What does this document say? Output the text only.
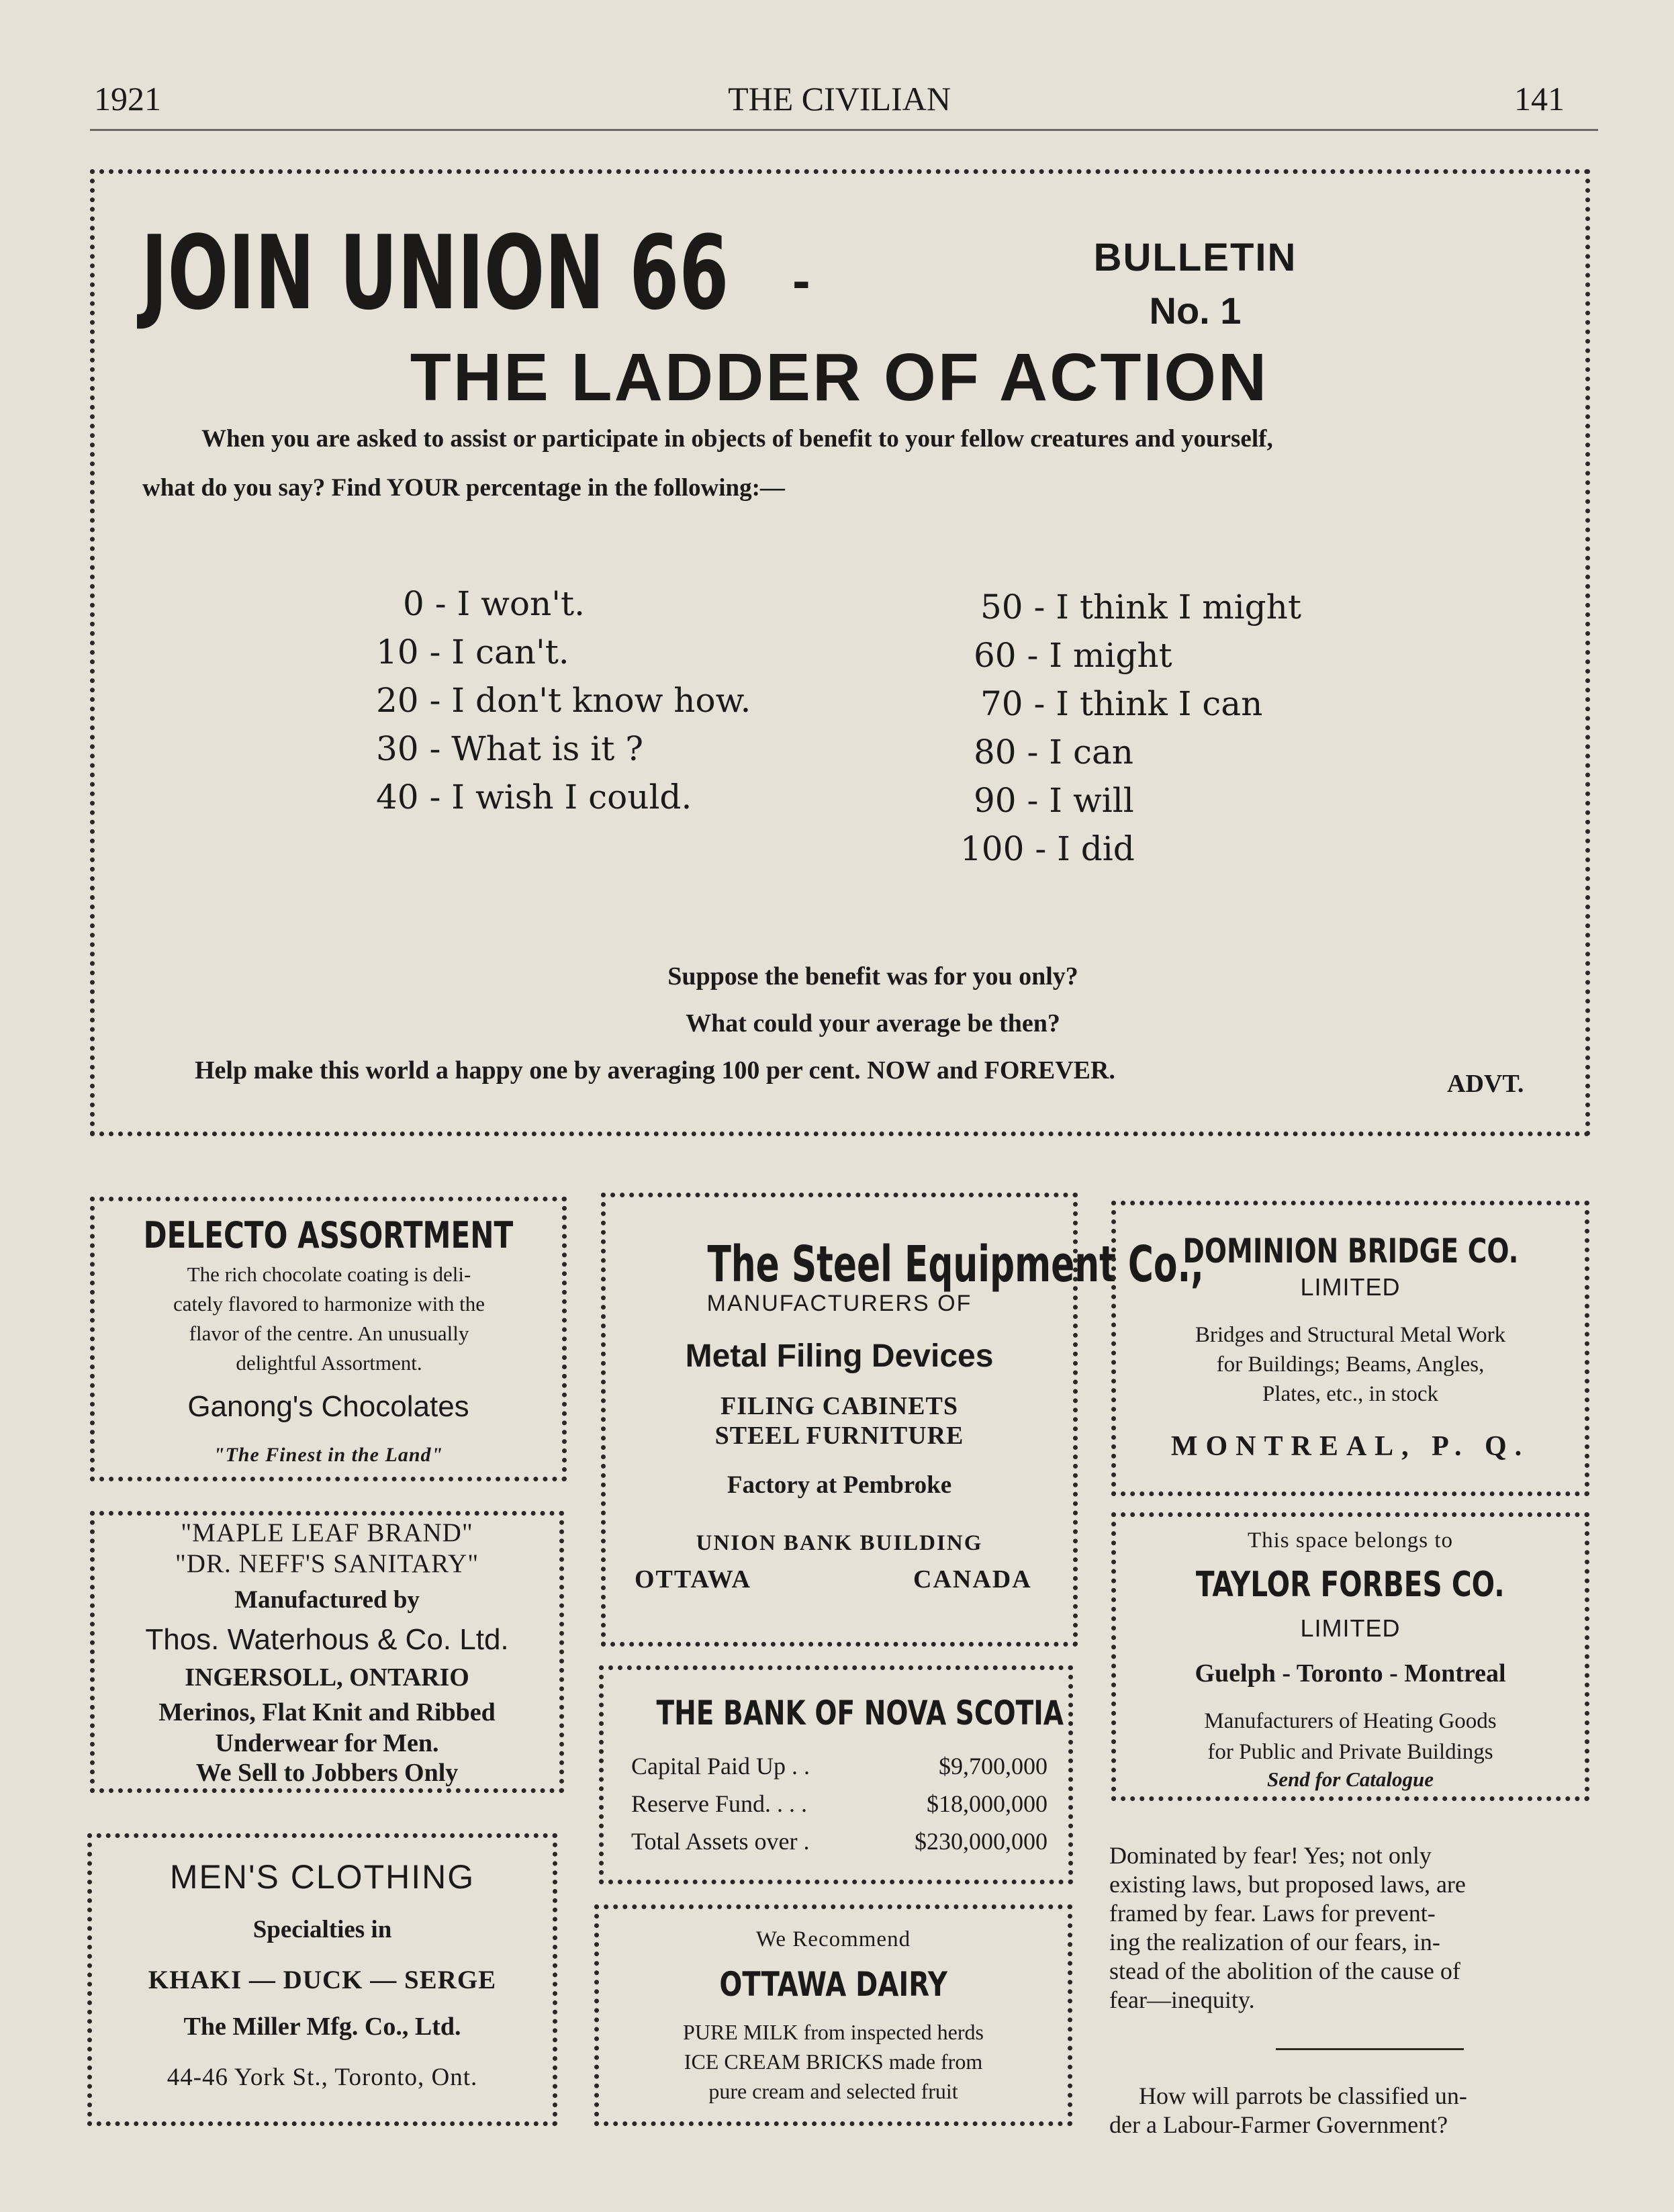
1921	THE CIVILIAN	141
JOIN UNION 66	-	BULLETIN
No. 1
THE LADDER OF ACTION
When you are asked to assist or participate in objects of benefit to your fellow creatures and yourself,
what do you say? Find YOUR percentage in the following:—
0 - I won't.
10 - I can't.
20 - I don't know how.
30 - What is it ?
40 - I wish I could.
50 - I think I might
60 - I might
70 - I think I can
80 - I can
90 - I will
100 - I did
Suppose the benefit was for you only?
What could your average be then?
Help make this world a happy one by averaging 100 per cent. NOW and FOREVER.	ADVT.
DELECTO ASSORTMENT
The rich chocolate coating is deli-
cately flavored to harmonize with the
flavor of the centre. An unusually
delightful Assortment.
Ganong's Chocolates
"The Finest in the Land"
"MAPLE LEAF BRAND"
"DR. NEFF'S SANITARY"
Manufactured by
Thos. Waterhous & Co. Ltd.
INGERSOLL, ONTARIO
Merinos, Flat Knit and Ribbed
Underwear for Men.
We Sell to Jobbers Only
MEN'S CLOTHING
Specialties in
KHAKI — DUCK — SERGE
The Miller Mfg. Co., Ltd.
44-46 York St., Toronto, Ont.
The Steel Equipment Co.,
MANUFACTURERS OF
Metal Filing Devices
FILING CABINETS
STEEL FURNITURE
Factory at Pembroke
UNION BANK BUILDING
OTTAWA	CANADA
THE BANK OF NOVA SCOTIA
Capital Paid Up . .	$9,700,000
Reserve Fund. . . .	$18,000,000
Total Assets over .	$230,000,000
We Recommend
OTTAWA DAIRY
PURE MILK from inspected herds
ICE CREAM BRICKS made from
pure cream and selected fruit
DOMINION BRIDGE CO.
LIMITED
Bridges and Structural Metal Work
for Buildings; Beams, Angles,
Plates, etc., in stock
MONTREAL, P. Q.
This space belongs to
TAYLOR FORBES CO.
LIMITED
Guelph - Toronto - Montreal
Manufacturers of Heating Goods
for Public and Private Buildings
Send for Catalogue
Dominated by fear! Yes; not only
existing laws, but proposed laws, are
framed by fear. Laws for prevent-
ing the realization of our fears, in-
stead of the abolition of the cause of
fear—inequity.
How will parrots be classified un-
der a Labour-Farmer Government?
